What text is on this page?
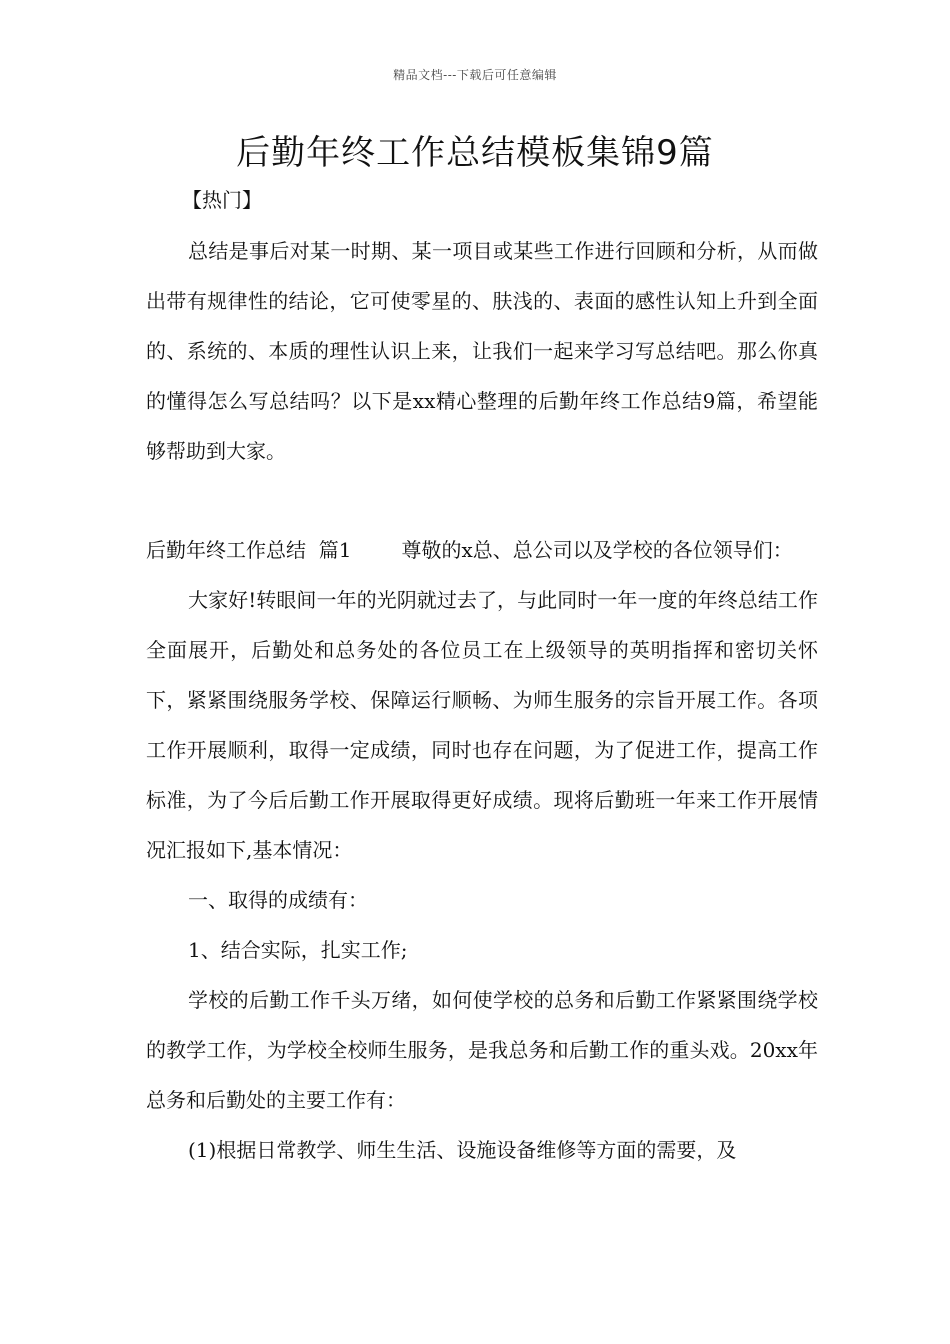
精品文档---下载后可任意编辑
后勤年终工作总结模板集锦9篇
【热门】

总结是事后对某一时期、某一项目或某些工作进行回顾和分析，从而做出带有规律性的结论，它可使零星的、肤浅的、表面的感性认知上升到全面的、系统的、本质的理性认识上来，让我们一起来学习写总结吧。那么你真的懂得怎么写总结吗？以下是xx精心整理的后勤年终工作总结9篇，希望能够帮助到大家。

后勤年终工作总结  篇1	尊敬的x总、总公司以及学校的各位领导们：

大家好!转眼间一年的光阴就过去了，与此同时一年一度的年终总结工作全面展开，后勤处和总务处的各位员工在上级领导的英明指挥和密切关怀下，紧紧围绕服务学校、保障运行顺畅、为师生服务的宗旨开展工作。各项工作开展顺利，取得一定成绩，同时也存在问题，为了促进工作，提高工作标准，为了今后后勤工作开展取得更好成绩。现将后勤班一年来工作开展情况汇报如下,基本情况：

一、取得的成绩有：

1、结合实际，扎实工作;

学校的后勤工作千头万绪，如何使学校的总务和后勤工作紧紧围绕学校的教学工作，为学校全校师生服务，是我总务和后勤工作的重头戏。20xx年总务和后勤处的主要工作有：

(1)根据日常教学、师生生活、设施设备维修等方面的需要，及
